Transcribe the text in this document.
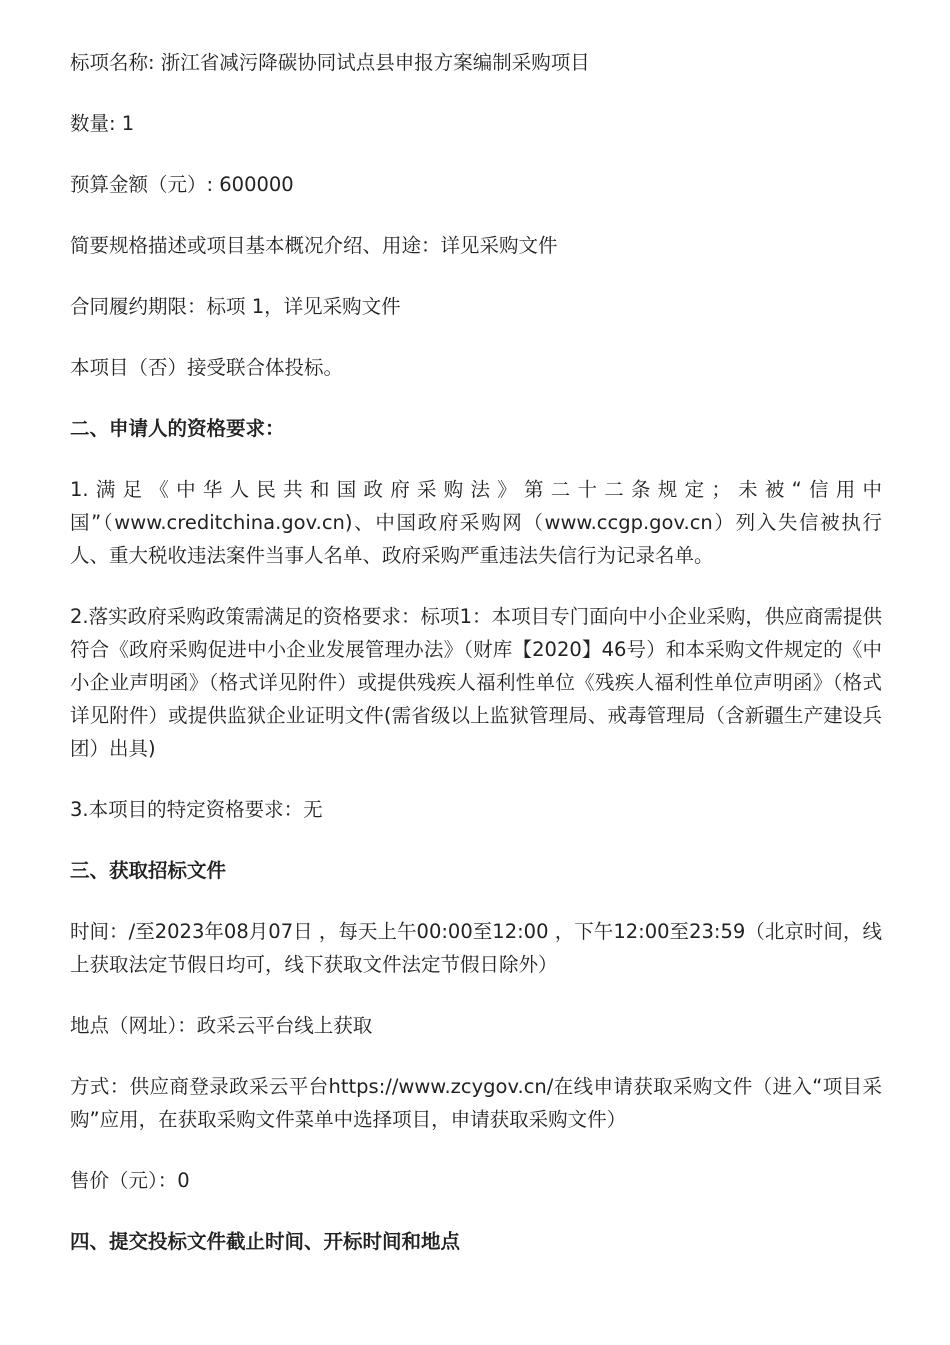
标项名称: 浙江省减污降碳协同试点县申报方案编制采购项目

数量: 1

预算金额（元）: 600000

简要规格描述或项目基本概况介绍、用途：详见采购文件

合同履约期限：标项 1，详见采购文件

本项目（否）接受联合体投标。

二、申请人的资格要求：

1.满足《中华人民共和国政府采购法》第二十二条规定；未被“信用中国”（www.creditchina.gov.cn)、中国政府采购网（www.ccgp.gov.cn）列入失信被执行人、重大税收违法案件当事人名单、政府采购严重违法失信行为记录名单。

2.落实政府采购政策需满足的资格要求：标项1：本项目专门面向中小企业采购，供应商需提供符合《政府采购促进中小企业发展管理办法》（财库【2020】46号）和本采购文件规定的《中小企业声明函》（格式详见附件）或提供残疾人福利性单位《残疾人福利性单位声明函》（格式详见附件）或提供监狱企业证明文件(需省级以上监狱管理局、戒毒管理局（含新疆生产建设兵团）出具)

3.本项目的特定资格要求：无

三、获取招标文件

时间：/至2023年08月07日 ，每天上午00:00至12:00 ，下午12:00至23:59（北京时间，线上获取法定节假日均可，线下获取文件法定节假日除外）

地点（网址）：政采云平台线上获取

方式：供应商登录政采云平台https://www.zcygov.cn/在线申请获取采购文件（进入“项目采购”应用，在获取采购文件菜单中选择项目，申请获取采购文件）

售价（元）：0

四、提交投标文件截止时间、开标时间和地点
